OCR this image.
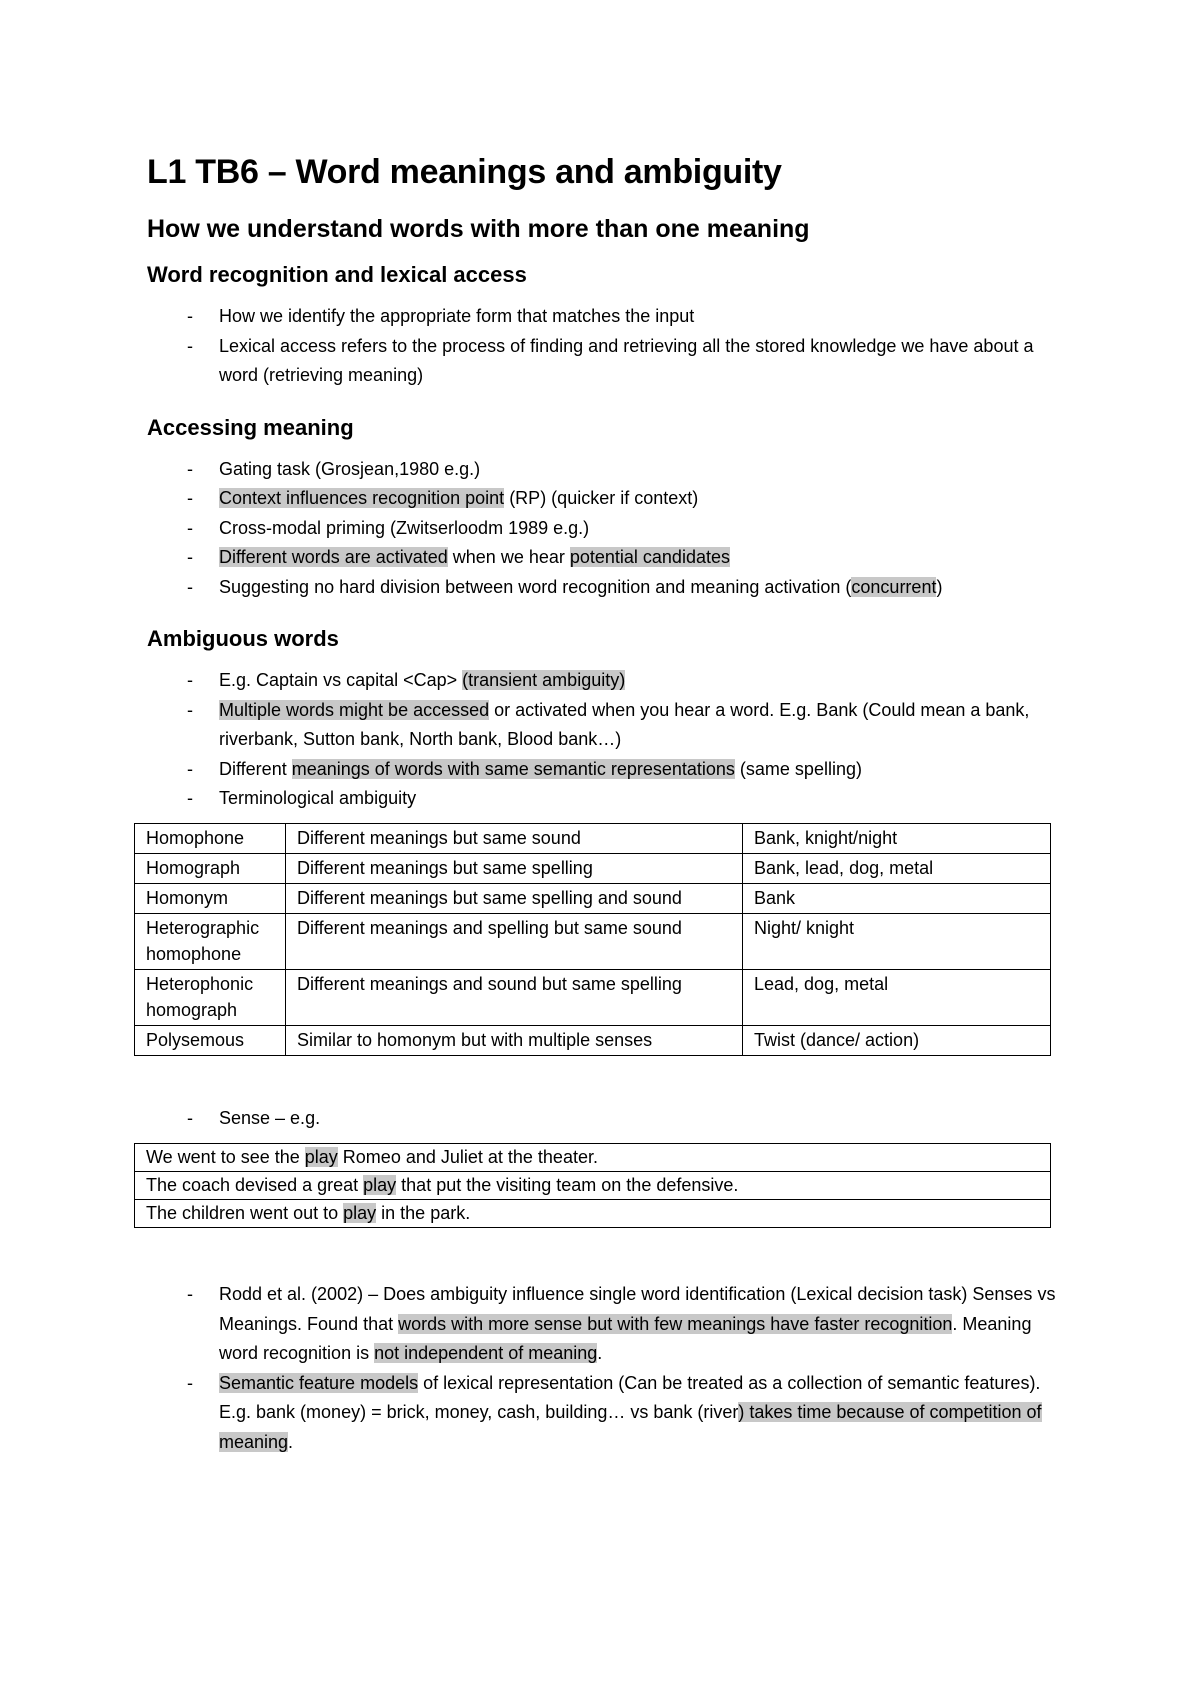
L1 TB6 – Word meanings and ambiguity
How we understand words with more than one meaning
Word recognition and lexical access
- How we identify the appropriate form that matches the input
- Lexical access refers to the process of finding and retrieving all the stored knowledge we have about a word (retrieving meaning)
Accessing meaning
- Gating task (Grosjean,1980 e.g.)
- Context influences recognition point (RP) (quicker if context)
- Cross-modal priming (Zwitserloodm 1989 e.g.)
- Different words are activated when we hear potential candidates
- Suggesting no hard division between word recognition and meaning activation (concurrent)
Ambiguous words
- E.g. Captain vs capital <Cap> (transient ambiguity)
- Multiple words might be accessed or activated when you hear a word. E.g. Bank (Could mean a bank, riverbank, Sutton bank, North bank, Blood bank…)
- Different meanings of words with same semantic representations (same spelling)
- Terminological ambiguity
Homophone	Different meanings but same sound	Bank, knight/night
Homograph	Different meanings but same spelling	Bank, lead, dog, metal
Homonym	Different meanings but same spelling and sound	Bank
Heterographic homophone	Different meanings and spelling but same sound	Night/ knight
Heterophonic homograph	Different meanings and sound but same spelling	Lead, dog, metal
Polysemous	Similar to homonym but with multiple senses	Twist (dance/ action)
- Sense – e.g.
We went to see the play Romeo and Juliet at the theater.
The coach devised a great play that put the visiting team on the defensive.
The children went out to play in the park.
- Rodd et al. (2002) – Does ambiguity influence single word identification (Lexical decision task) Senses vs Meanings. Found that words with more sense but with few meanings have faster recognition. Meaning word recognition is not independent of meaning.
- Semantic feature models of lexical representation (Can be treated as a collection of semantic features). E.g. bank (money) = brick, money, cash, building… vs bank (river) takes time because of competition of meaning.
